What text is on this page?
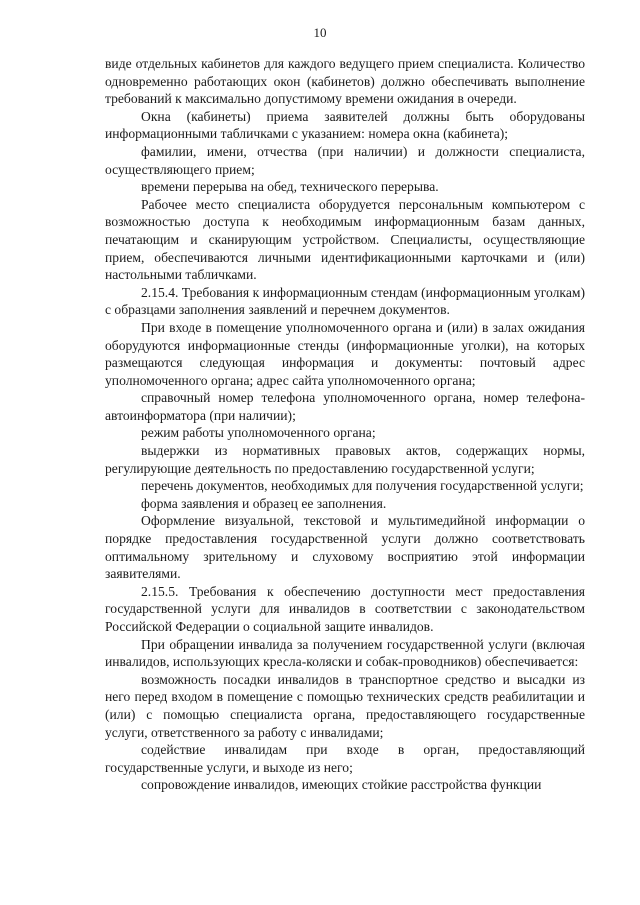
10

виде отдельных кабинетов для каждого ведущего прием специалиста. Количество одновременно работающих окон (кабинетов) должно обеспечивать выполнение требований к максимально допустимому времени ожидания в очереди.

Окна (кабинеты) приема заявителей должны быть оборудованы информационными табличками с указанием: номера окна (кабинета);

фамилии, имени, отчества (при наличии) и должности специалиста, осуществляющего прием;

времени перерыва на обед, технического перерыва.

Рабочее место специалиста оборудуется персональным компьютером с возможностью доступа к необходимым информационным базам данных, печатающим и сканирующим устройством. Специалисты, осуществляющие прием, обеспечиваются личными идентификационными карточками и (или) настольными табличками.

2.15.4. Требования к информационным стендам (информационным уголкам) с образцами заполнения заявлений и перечнем документов.

При входе в помещение уполномоченного органа и (или) в залах ожидания оборудуются информационные стенды (информационные уголки), на которых размещаются следующая информация и документы: почтовый адрес уполномоченного органа; адрес сайта уполномоченного органа;

справочный номер телефона уполномоченного органа, номер телефона-автоинформатора (при наличии);

режим работы уполномоченного органа;

выдержки из нормативных правовых актов, содержащих нормы, регулирующие деятельность по предоставлению государственной услуги;

перечень документов, необходимых для получения государственной услуги;

форма заявления и образец ее заполнения.

Оформление визуальной, текстовой и мультимедийной информации о порядке предоставления государственной услуги должно соответствовать оптимальному зрительному и слуховому восприятию этой информации заявителями.

2.15.5. Требования к обеспечению доступности мест предоставления государственной услуги для инвалидов в соответствии с законодательством Российской Федерации о социальной защите инвалидов.

При обращении инвалида за получением государственной услуги (включая инвалидов, использующих кресла-коляски и собак-проводников) обеспечивается:

возможность посадки инвалидов в транспортное средство и высадки из него перед входом в помещение с помощью технических средств реабилитации и (или) с помощью специалиста органа, предоставляющего государственные услуги, ответственного за работу с инвалидами;

содействие инвалидам при входе в орган, предоставляющий государственные услуги, и выходе из него;

сопровождение инвалидов, имеющих стойкие расстройства функции
